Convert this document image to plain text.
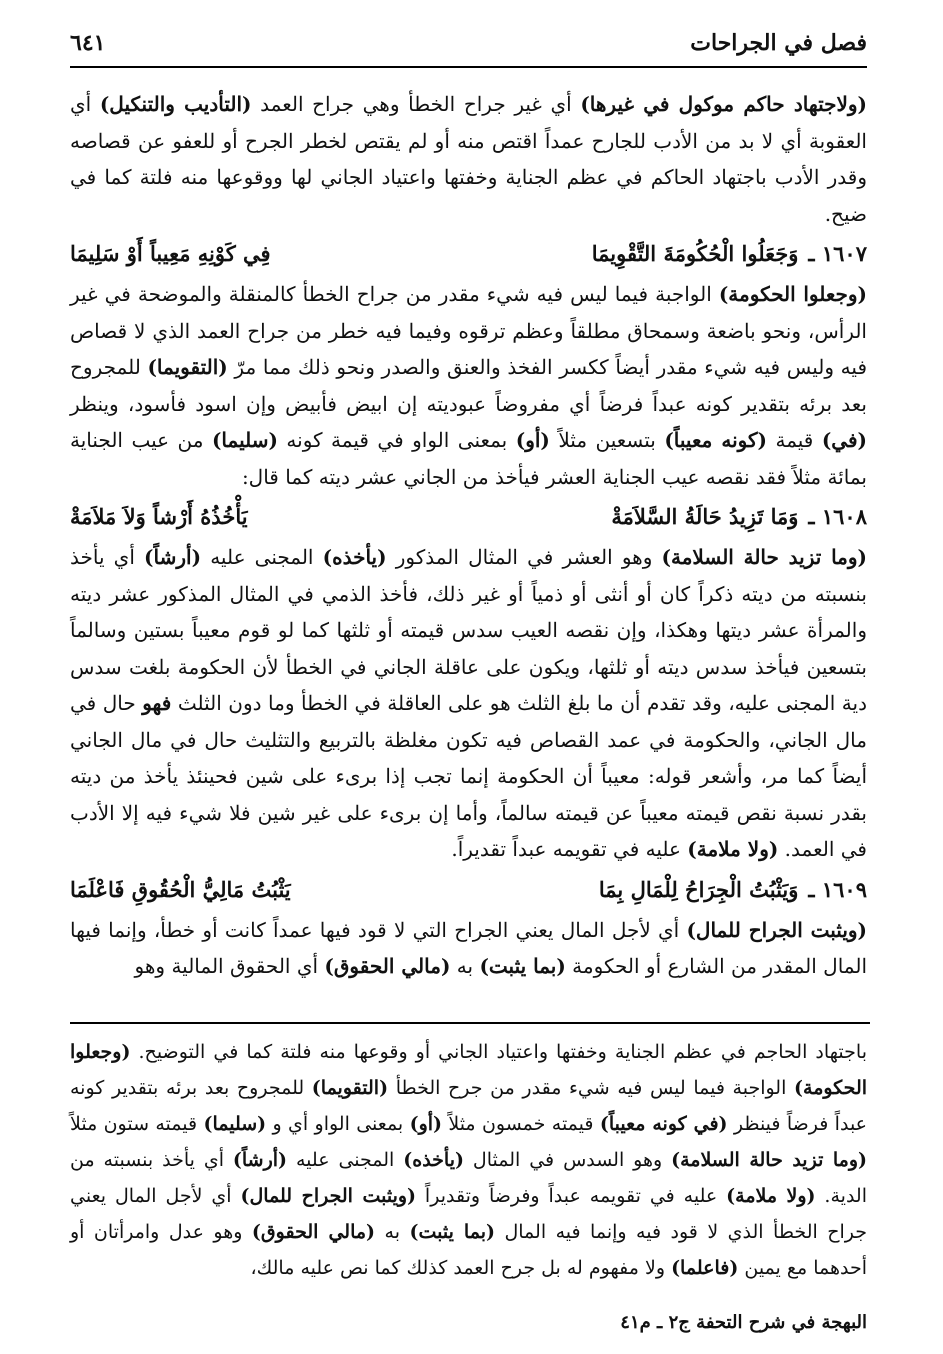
فصل في الجراحات
٦٤١

(ولاجتهاد حاكم موكول في غيرها) أي غير جراح الخطأ وهي جراح العمد (التأديب والتنكيل) أي العقوبة أي لا بد من الأدب للجارح عمداً اقتص منه أو لم يقتص لخطر الجرح أو للعفو عن قصاصه وقدر الأدب باجتهاد الحاكم في عظم الجناية وخفتها واعتياد الجاني لها ووقوعها منه فلتة كما في ضيح.

١٦٠٧ ـ
وَجَعَلُوا الْحُكُومَةَ التَّقْوِيمَا
فِي كَوْنِهِ مَعِيباً أَوْ سَلِيمَا

(وجعلوا الحكومة) الواجبة فيما ليس فيه شيء مقدر من جراح الخطأ كالمنقلة والموضحة في غير الرأس، ونحو باضعة وسمحاق مطلقاً وعظم ترقوه وفيما فيه خطر من جراح العمد الذي لا قصاص فيه وليس فيه شيء مقدر أيضاً ككسر الفخذ والعنق والصدر ونحو ذلك مما مرّ (التقويما) للمجروح بعد برئه بتقدير كونه عبداً فرضاً أي مفروضاً عبوديته إن ابيض فأبيض وإن اسود فأسود، وينظر (في) قيمة (كونه معيباً) بتسعين مثلاً (أو) بمعنى الواو في قيمة كونه (سليما) من عيب الجناية بمائة مثلاً فقد نقصه عيب الجناية العشر فيأخذ من الجاني عشر ديته كما قال:

١٦٠٨ ـ
وَمَا تَزِيدُ حَالَةُ السَّلاَمَةْ
يَأْخُذُهُ أَرْشاً وَلاَ مَلاَمَةْ

(وما تزيد حالة السلامة) وهو العشر في المثال المذكور (يأخذه) المجنى عليه (أرشاً) أي يأخذ بنسبته من ديته ذكراً كان أو أنثى أو ذمياً أو غير ذلك، فأخذ الذمي في المثال المذكور عشر ديته والمرأة عشر ديتها وهكذا، وإن نقصه العيب سدس قيمته أو ثلثها كما لو قوم معيباً بستين وسالماً بتسعين فيأخذ سدس ديته أو ثلثها، ويكون على عاقلة الجاني في الخطأ لأن الحكومة بلغت سدس دية المجنى عليه، وقد تقدم أن ما بلغ الثلث هو على العاقلة في الخطأ وما دون الثلث فهو حال في مال الجاني، والحكومة في عمد القصاص فيه تكون مغلظة بالتربيع والتثليث حال في مال الجاني أيضاً كما مر، وأشعر قوله: معيباً أن الحكومة إنما تجب إذا برىء على شين فحينئذ يأخذ من ديته بقدر نسبة نقص قيمته معيباً عن قيمته سالماً، وأما إن برىء على غير شين فلا شيء فيه إلا الأدب في العمد. (ولا ملامة) عليه في تقويمه عبداً تقديراً.

١٦٠٩ ـ
وَيَثْبُتُ الْجِرَاحُ لِلْمَالِ بِمَا
يَثْبُتُ مَالِيُّ الْحُقُوقِ فَاعْلَمَا

(ويثبت الجراح للمال) أي لأجل المال يعني الجراح التي لا قود فيها عمداً كانت أو خطأ، وإنما فيها المال المقدر من الشارع أو الحكومة (بما يثبت) به (مالي الحقوق) أي الحقوق المالية وهو

باجتهاد الحاجم في عظم الجناية وخفتها واعتياد الجاني أو وقوعها منه فلتة كما في التوضيح. (وجعلوا الحكومة) الواجبة فيما ليس فيه شيء مقدر من جرح الخطأ (التقويما) للمجروح بعد برئه بتقدير كونه عبداً فرضاً فينظر (في كونه معيباً) قيمته خمسون مثلاً (أو) بمعنى الواو أي و (سليما) قيمته ستون مثلاً (وما تزيد حالة السلامة) وهو السدس في المثال (يأخذه) المجنى عليه (أرشاً) أي يأخذ بنسبته من الدية. (ولا ملامة) عليه في تقويمه عبداً وفرضاً وتقديراً (ويثبت الجراح للمال) أي لأجل المال يعني جراح الخطأ الذي لا قود فيه وإنما فيه المال (بما يثبت) به (مالي الحقوق) وهو عدل وامرأتان أو أحدهما مع يمين (فاعلما) ولا مفهوم له بل جرح العمد كذلك كما نص عليه مالك،

البهجة في شرح التحفة ج٢ ـ م٤١
